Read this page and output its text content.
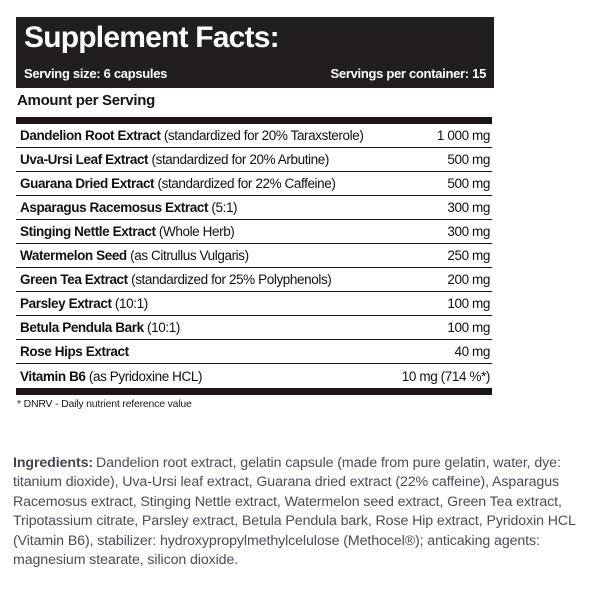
Supplement Facts:
Serving size: 6 capsules	Servings per container: 15
Amount per Serving
Dandelion Root Extract (standardized for 20% Taraxsterole)	1 000 mg
Uva-Ursi Leaf Extract (standardized for 20% Arbutine)	500 mg
Guarana Dried Extract (standardized for 22% Caffeine)	500 mg
Asparagus Racemosus Extract (5:1)	300 mg
Stinging Nettle Extract (Whole Herb)	300 mg
Watermelon Seed (as Citrullus Vulgaris)	250 mg
Green Tea Extract (standardized for 25% Polyphenols)	200 mg
Parsley Extract (10:1)	100 mg
Betula Pendula Bark (10:1)	100 mg
Rose Hips Extract	40 mg
Vitamin B6 (as Pyridoxine HCL)	10 mg (714 %*)
* DNRV - Daily nutrient reference value
Ingredients: Dandelion root extract, gelatin capsule (made from pure gelatin, water, dye: titanium dioxide), Uva-Ursi leaf extract, Guarana dried extract (22% caffeine), Asparagus Racemosus extract, Stinging Nettle extract, Watermelon seed extract, Green Tea extract, Tripotassium citrate, Parsley extract, Betula Pendula bark, Rose Hip extract, Pyridoxin HCL (Vitamin B6), stabilizer: hydroxypropylmethylcelulose (Methocel®); anticaking agents: magnesium stearate, silicon dioxide.
